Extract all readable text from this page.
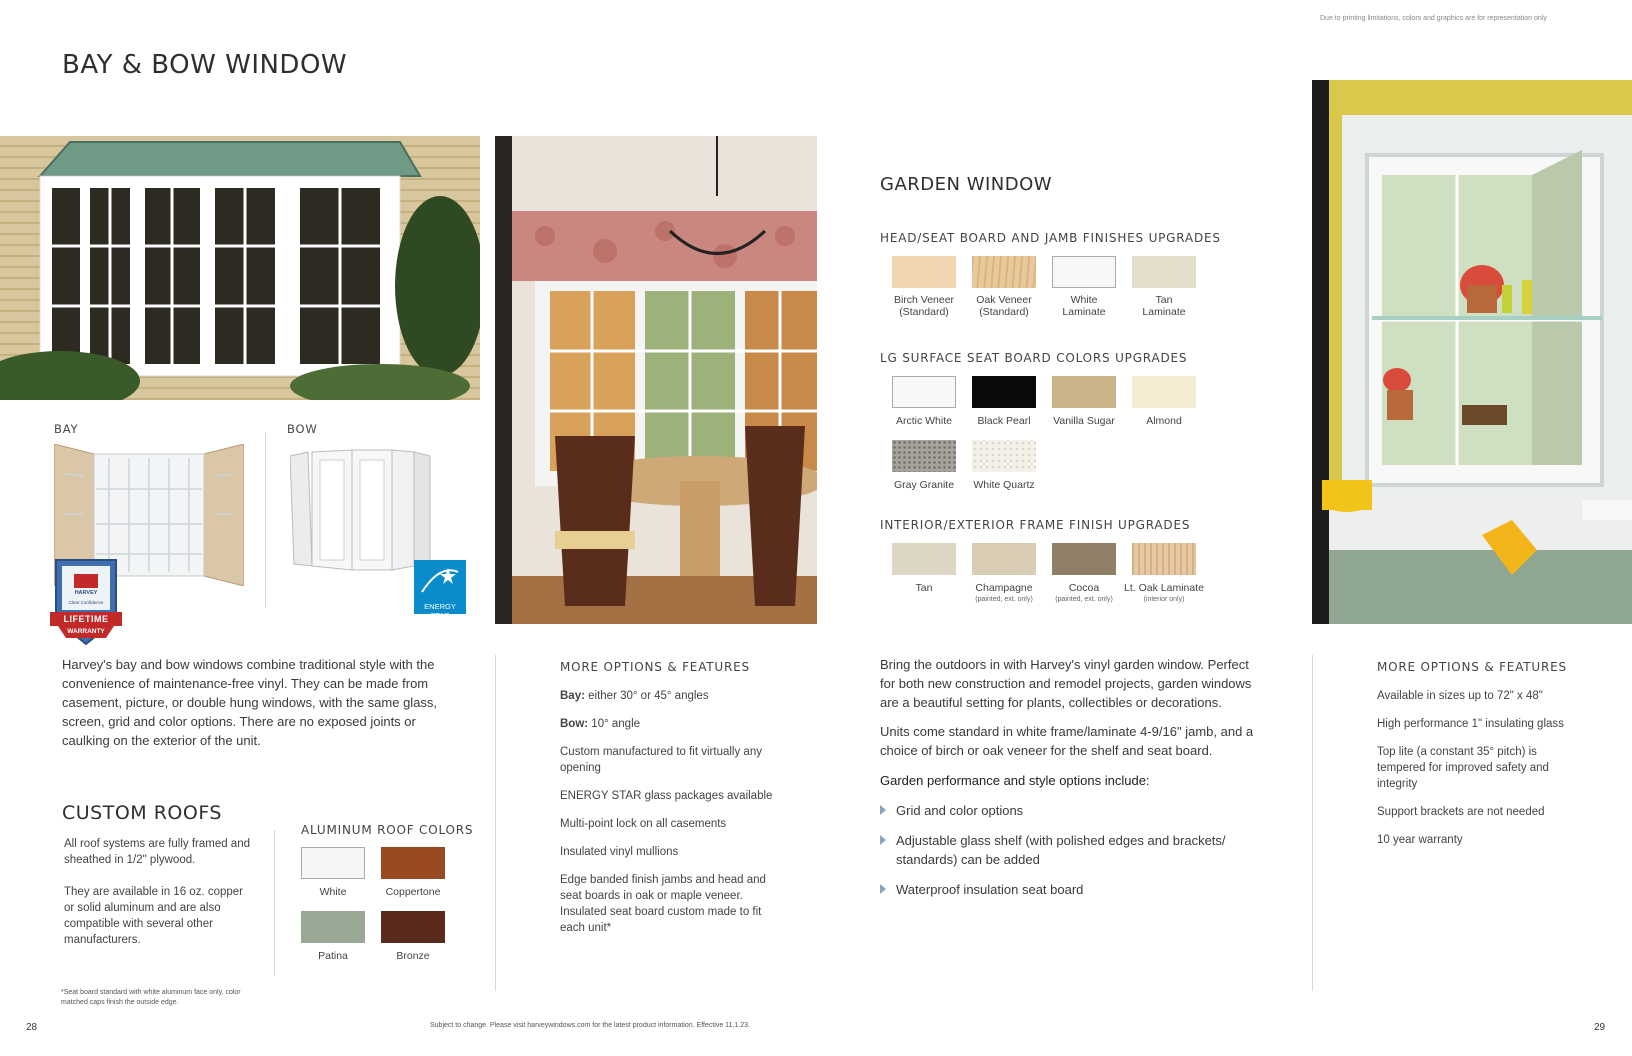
Due to printing limitations, colors and graphics are for representation only
BAY & BOW WINDOW
BAY	BOW
HARVEY
Clear Confidence
LIFETIME
WARRANTY
ENERGY STAR
Harvey's bay and bow windows combine traditional style with the convenience of maintenance-free vinyl. They can be made from casement, picture, or double hung windows, with the same glass, screen, grid and color options. There are no exposed joints or caulking on the exterior of the unit.
CUSTOM ROOFS
All roof systems are fully framed and sheathed in 1/2" plywood.
They are available in 16 oz. copper or solid aluminum and are also compatible with several other manufacturers.
ALUMINUM ROOF COLORS
White	Coppertone
Patina	Bronze
*Seat board standard with white aluminum face only, color matched caps finish the outside edge.
28
MORE OPTIONS & FEATURES
Bay: either 30° or 45° angles
Bow: 10° angle
Custom manufactured to fit virtually any opening
ENERGY STAR glass packages available
Multi-point lock on all casements
Insulated vinyl mullions
Edge banded finish jambs and head and seat boards in oak or maple veneer. Insulated seat board custom made to fit each unit*
Subject to change. Please visit harveywindows.com for the latest product information. Effective 11.1.23.
GARDEN WINDOW
HEAD/SEAT BOARD AND JAMB FINISHES UPGRADES
Birch Veneer
(Standard)
Oak Veneer
(Standard)
White
Laminate
Tan
Laminate
LG SURFACE SEAT BOARD COLORS UPGRADES
Arctic White	Black Pearl	Vanilla Sugar	Almond
Gray Granite	White Quartz
INTERIOR/EXTERIOR FRAME FINISH UPGRADES
Tan	Champagne
(painted, ext. only)
Cocoa
(painted, ext. only)
Lt. Oak Laminate
(interior only)
Bring the outdoors in with Harvey's vinyl garden window. Perfect for both new construction and remodel projects, garden windows are a beautiful setting for plants, collectibles or decorations.
Units come standard in white frame/laminate 4-9/16" jamb, and a choice of birch or oak veneer for the shelf and seat board.
Garden performance and style options include:
Grid and color options
Adjustable glass shelf (with polished edges and brackets/ standards) can be added
Waterproof insulation seat board
MORE OPTIONS & FEATURES
Available in sizes up to 72" x 48"
High performance 1" insulating glass
Top lite (a constant 35° pitch) is tempered for improved safety and integrity
Support brackets are not needed
10 year warranty
29
